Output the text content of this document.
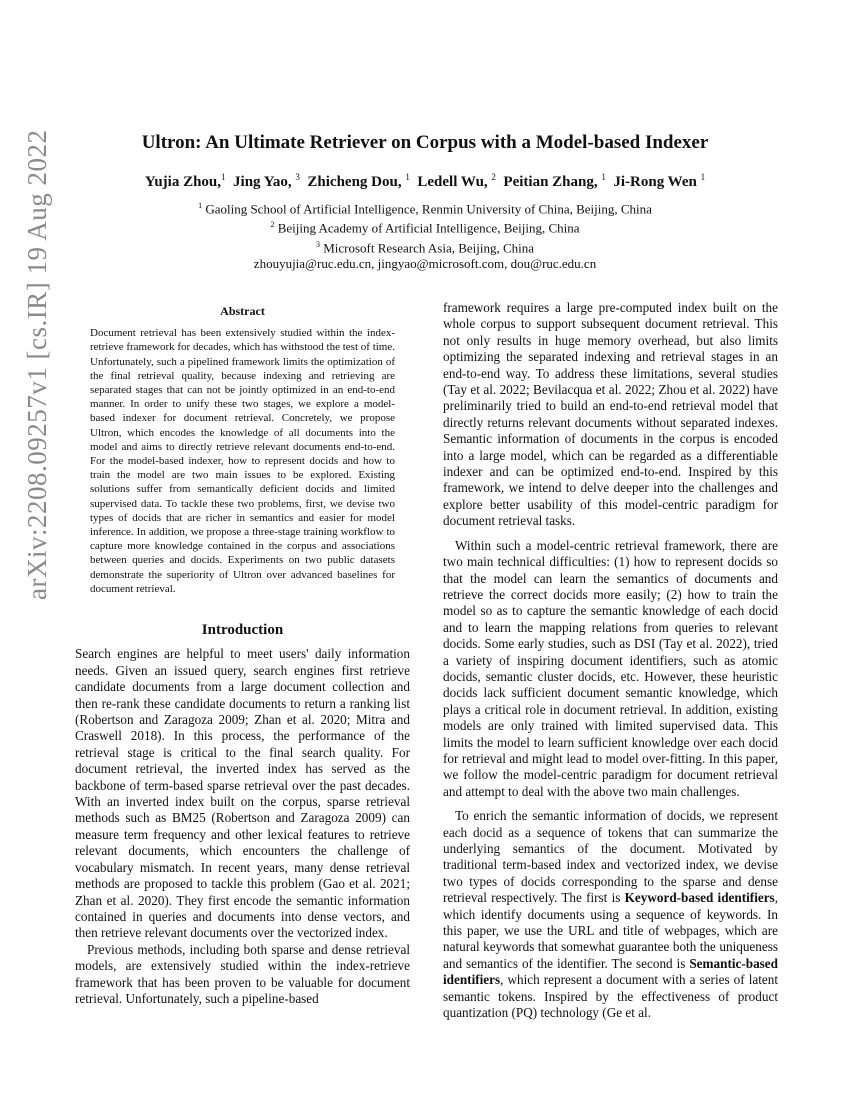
arXiv:2208.09257v1 [cs.IR] 19 Aug 2022	Ultron: An Ultimate Retriever on Corpus with a Model-based Indexer
Yujia Zhou,$^1$ Jing Yao, $^3$ Zhicheng Dou, $^1$ Ledell Wu, $^2$ Peitian Zhang, $^1$ Ji-Rong Wen $^1$
$^1$ Gaoling School of Artificial Intelligence, Renmin University of China, Beijing, China
$^2$ Beijing Academy of Artificial Intelligence, Beijing, China
$^3$ Microsoft Research Asia, Beijing, China
zhouyujia@ruc.edu.cn, jingyao@microsoft.com, dou@ruc.edu.cn
Abstract

Document retrieval has been extensively studied within the index-retrieve framework for decades, which has withstood the test of time. Unfortunately, such a pipelined framework limits the optimization of the final retrieval quality, because indexing and retrieving are separated stages that can not be jointly optimized in an end-to-end manner. In order to unify these two stages, we explore a model-based indexer for document retrieval. Concretely, we propose Ultron, which encodes the knowledge of all documents into the model and aims to directly retrieve relevant documents end-to-end. For the model-based indexer, how to represent docids and how to train the model are two main issues to be explored. Existing solutions suffer from semantically deficient docids and limited supervised data. To tackle these two problems, first, we devise two types of docids that are richer in semantics and easier for model inference. In addition, we propose a three-stage training workflow to capture more knowledge contained in the corpus and associations between queries and docids. Experiments on two public datasets demonstrate the superiority of Ultron over advanced baselines for document retrieval.

Introduction

Search engines are helpful to meet users' daily information needs. Given an issued query, search engines first retrieve candidate documents from a large document collection and then re-rank these candidate documents to return a ranking list (Robertson and Zaragoza 2009; Zhan et al. 2020; Mitra and Craswell 2018). In this process, the performance of the retrieval stage is critical to the final search quality. For document retrieval, the inverted index has served as the backbone of term-based sparse retrieval over the past decades. With an inverted index built on the corpus, sparse retrieval methods such as BM25 (Robertson and Zaragoza 2009) can measure term frequency and other lexical features to retrieve relevant documents, which encounters the challenge of vocabulary mismatch. In recent years, many dense retrieval methods are proposed to tackle this problem (Gao et al. 2021; Zhan et al. 2020). They first encode the semantic information contained in queries and documents into dense vectors, and then retrieve relevant documents over the vectorized index.

Previous methods, including both sparse and dense retrieval models, are extensively studied within the index-retrieve framework that has been proven to be valuable for document retrieval. Unfortunately, such a pipeline-based

framework requires a large pre-computed index built on the whole corpus to support subsequent document retrieval. This not only results in huge memory overhead, but also limits optimizing the separated indexing and retrieval stages in an end-to-end way. To address these limitations, several studies (Tay et al. 2022; Bevilacqua et al. 2022; Zhou et al. 2022) have preliminarily tried to build an end-to-end retrieval model that directly returns relevant documents without separated indexes. Semantic information of documents in the corpus is encoded into a large model, which can be regarded as a differentiable indexer and can be optimized end-to-end. Inspired by this framework, we intend to delve deeper into the challenges and explore better usability of this model-centric paradigm for document retrieval tasks.

Within such a model-centric retrieval framework, there are two main technical difficulties: (1) how to represent docids so that the model can learn the semantics of documents and retrieve the correct docids more easily; (2) how to train the model so as to capture the semantic knowledge of each docid and to learn the mapping relations from queries to relevant docids. Some early studies, such as DSI (Tay et al. 2022), tried a variety of inspiring document identifiers, such as atomic docids, semantic cluster docids, etc. However, these heuristic docids lack sufficient document semantic knowledge, which plays a critical role in document retrieval. In addition, existing models are only trained with limited supervised data. This limits the model to learn sufficient knowledge over each docid for retrieval and might lead to model over-fitting. In this paper, we follow the model-centric paradigm for document retrieval and attempt to deal with the above two main challenges.

To enrich the semantic information of docids, we represent each docid as a sequence of tokens that can summarize the underlying semantics of the document. Motivated by traditional term-based index and vectorized index, we devise two types of docids corresponding to the sparse and dense retrieval respectively. The first is Keyword-based identifiers, which identify documents using a sequence of keywords. In this paper, we use the URL and title of webpages, which are natural keywords that somewhat guarantee both the uniqueness and semantics of the identifier. The second is Semantic-based identifiers, which represent a document with a series of latent semantic tokens. Inspired by the effectiveness of product quantization (PQ) technology (Ge et al.
